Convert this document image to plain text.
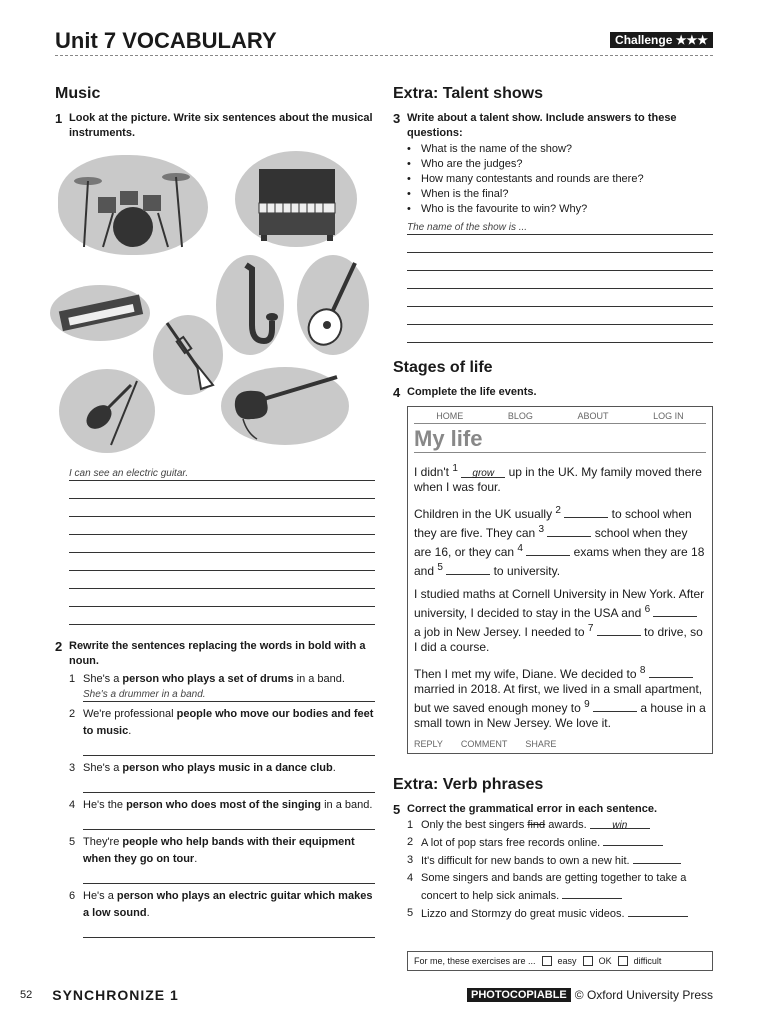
Unit 7 VOCABULARY	Challenge ★★★
Music
1 Look at the picture. Write six sentences about the musical instruments.
I can see an electric guitar.
2 Rewrite the sentences replacing the words in bold with a noun.
1 She's a person who plays a set of drums in a band.
She's a drummer in a band.
2 We're professional people who move our bodies and feet to music.
3 She's a person who plays music in a dance club.
4 He's the person who does most of the singing in a band.
5 They're people who help bands with their equipment when they go on tour.
6 He's a person who plays an electric guitar which makes a low sound.
Extra: Talent shows
3 Write about a talent show. Include answers to these questions:
• What is the name of the show?
• Who are the judges?
• How many contestants and rounds are there?
• When is the final?
• Who is the favourite to win? Why?
The name of the show is ...
Stages of life
4 Complete the life events.
HOME	BLOG	ABOUT	LOG IN
My life

I didn't $^1$ grow up in the UK. My family moved there when I was four.

Children in the UK usually $^2$	to school when they are five. They can $^3$	school when they are 16, or they can $^4$	exams when they are 18 and $^5$	to university.

I studied maths at Cornell University in New York. After university, I decided to stay in the USA and $^6$  a job in New Jersey. I needed to $^7$	to drive, so I did a course.

Then I met my wife, Diane. We decided to $^8$  married in 2018. At first, we lived in a small apartment, but we saved enough money to $^9$	a house in a small town in New Jersey. We love it.

REPLY COMMENT SHARE
Extra: Verb phrases
5 Correct the grammatical error in each sentence.
1 Only the best singers find awards.	win
2 A lot of pop stars free records online.
3 It's difficult for new bands to own a new hit.
4 Some singers and bands are getting together to take a concert to help sick animals.
5 Lizzo and Stormzy do great music videos.
For me, these exercises are ... easy OK difficult
52 SYNCHRONIZE 1	PHOTOCOPIABLE © Oxford University Press
